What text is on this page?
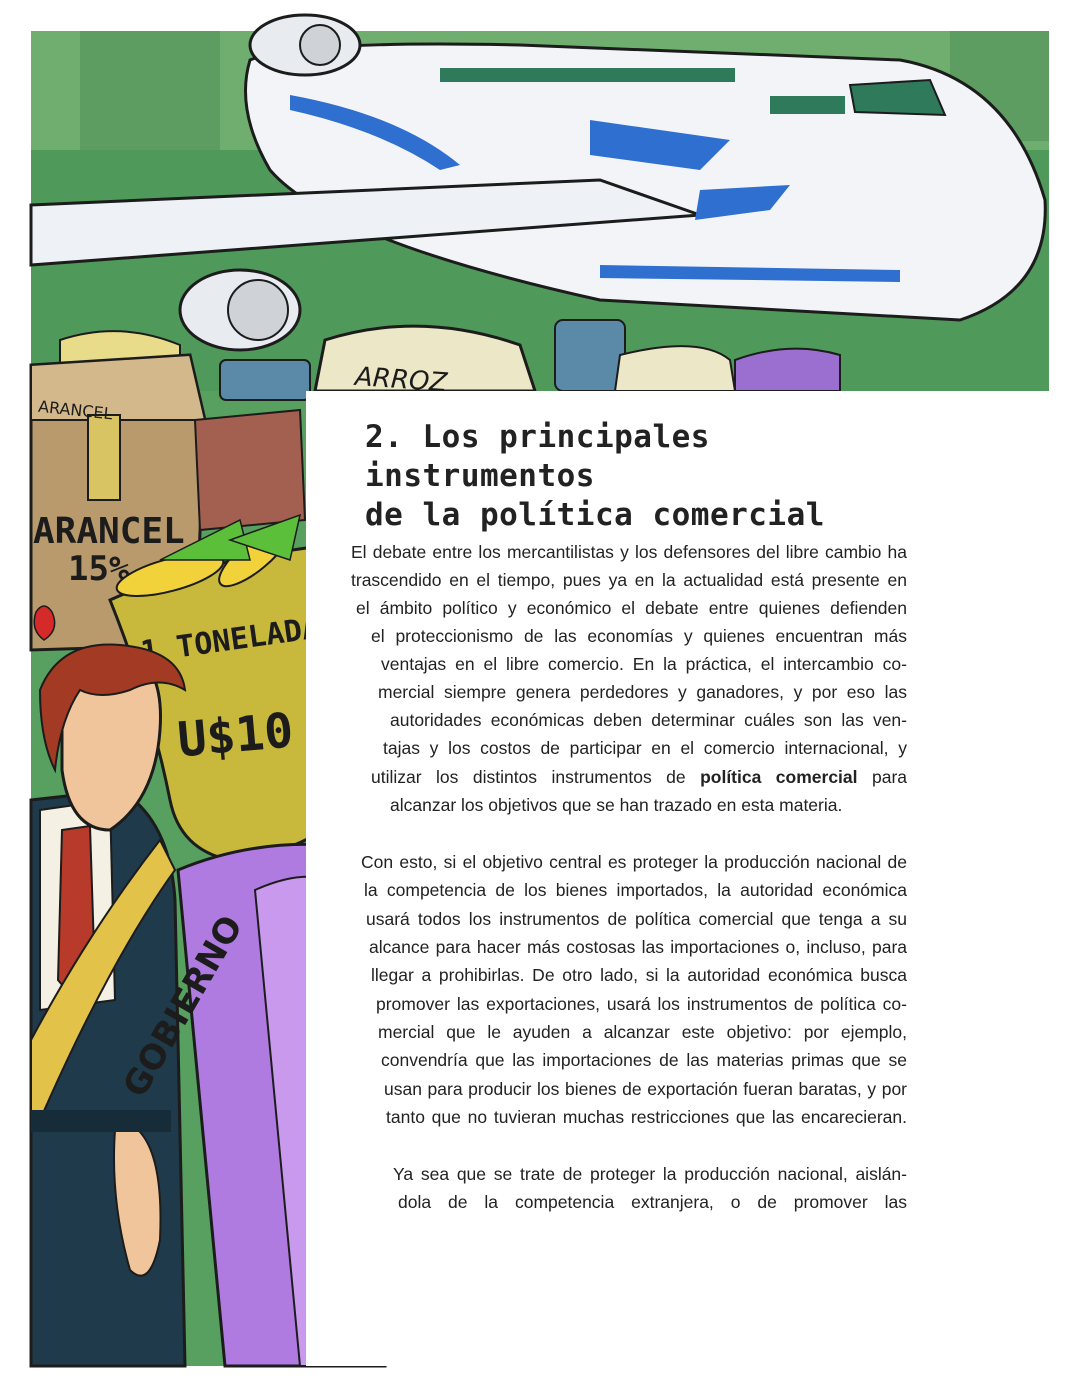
ARROZ
ARANCEL
ARANCEL
15%
1 TONELADA
U$10
GOBIERNO
2. Los principales instrumentos
de la política comercial

El debate entre los mercantilistas y los defensores del libre cambio ha

trascendido en el tiempo, pues ya en la actualidad está presente en

el ámbito político y económico el debate entre quienes defienden

el proteccionismo de las economías y quienes encuentran más

ventajas en el libre comercio. En la práctica, el intercambio co-

mercial siempre genera perdedores y ganadores, y por eso las

autoridades económicas deben determinar cuáles son las ven-

tajas y los costos de participar en el comercio internacional, y

utilizar los distintos instrumentos de política comercial para

alcanzar los objetivos que se han trazado en esta materia.

Con esto, si el objetivo central es proteger la producción nacional de

la competencia de los bienes importados, la autoridad económica

usará todos los instrumentos de política comercial que tenga a su

alcance para hacer más costosas las importaciones o, incluso, para

llegar a prohibirlas. De otro lado, si la autoridad económica busca

promover las exportaciones, usará los instrumentos de política co-

mercial que le ayuden a alcanzar este objetivo: por ejemplo,

convendría que las importaciones de las materias primas que se

usan para producir los bienes de exportación fueran baratas, y por

tanto que no tuvieran muchas restricciones que las encarecieran.

Ya sea que se trate de proteger la producción nacional, aislán-

dola de la competencia extranjera, o de promover las
